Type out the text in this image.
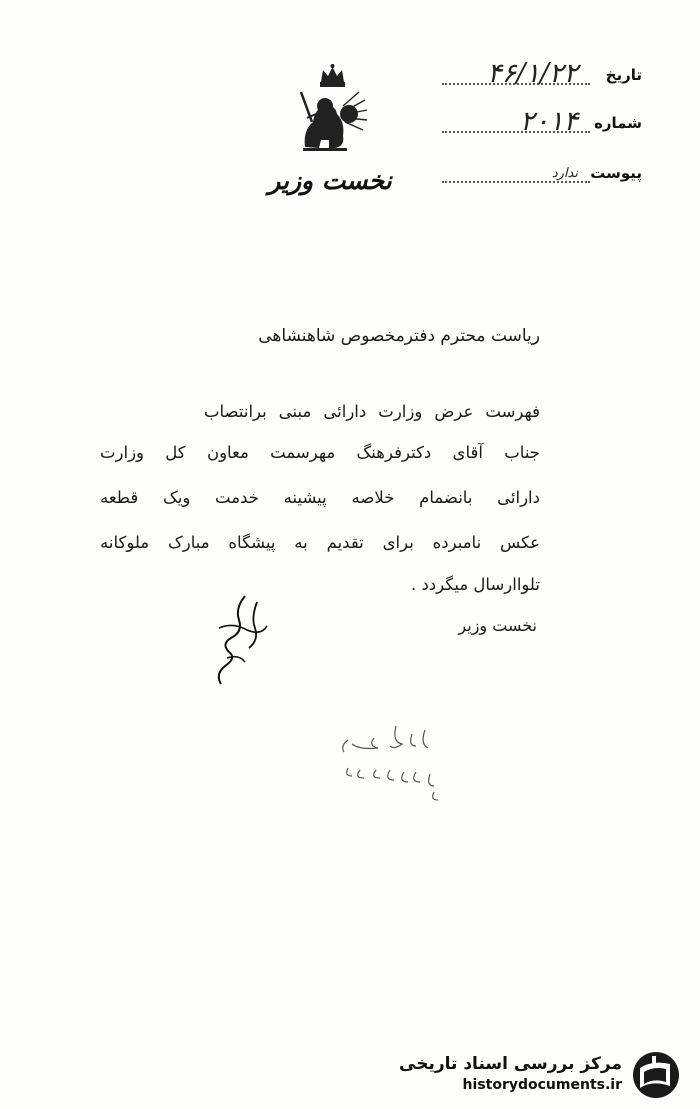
نخست وزیر
تاریخ
۴۶/۱/۲۲
شماره
۲۰۱۴
پیوست
ندارد
ریاست محترم دفترمخصوص شاهنشاهی
فهرست عرض وزارت دارائی مبنی برانتصاب
جناب آقای دکترفرهنگ مهرسمت معاون کل وزارت
دارائی بانضمام خلاصه پیشینه خدمت ویک قطعه
عکس نامبرده برای تقدیم به پیشگاه مبارک ملوکانه
تلواارسال میگردد .
نخست وزیر
مرکز بررسی اسناد تاریخی
historydocuments.ir
